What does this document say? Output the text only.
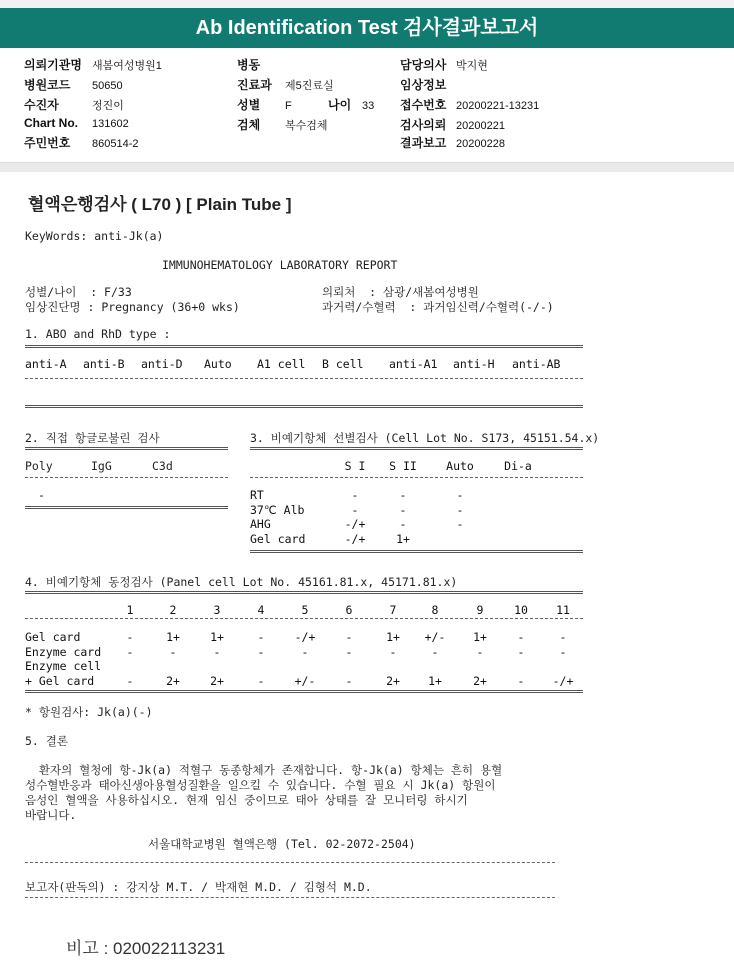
Ab Identification Test 검사결과보고서
의뢰기관명 새봄여성병원1
병원코드 50650
수진자	정진이
Chart No. 131602
주민번호 860514-2
병동
진료과 제5진료실
성별 F	나이 33
검체 복수검체
담당의사 박지현
임상정보
접수번호 20200221-13231
검사의뢰 20200221
결과보고 20200228
혈액은행검사 ( L70 ) [ Plain Tube ]
KeyWords: anti-Jk(a)
IMMUNOHEMATOLOGY LABORATORY REPORT
성별/나이  : F/33
임상진단명 : Pregnancy (36+0 wks)
의뢰처  : 삼광/새봄여성병원
과거력/수혈력  : 과거임신력/수혈력(-/-)
1. ABO and RhD type :
anti-A	anti-B	anti-D	Auto	A1 cell	B cell	anti-A1	anti-H	anti-AB
2. 직접 항글로불린 검사
Poly	IgG	C3d
-
3. 비예기항체 선별검사 (Cell Lot No. S173, 45151.54.x)
S I	S II	Auto	Di-a
RT	-	-	-
37℃ Alb	-	-	-
AHG	-/+	-	-
Gel card	-/+	1+
4. 비예기항체 동정검사 (Panel cell Lot No. 45161.81.x, 45171.81.x)
1	2	3	4	5	6	7	8	9	10	11
Gel card	-	1+	1+	-	-/+	-	1+	+/-	1+	-	-
Enzyme card	-	-	-	-	-	-	-	-	-	-	-
Enzyme cell
+ Gel card	-	2+	2+	-	+/-	-	2+	1+	2+	-	-/+
* 항원검사: Jk(a)(-)
5. 결론
환자의 혈청에 항-Jk(a) 적혈구 동종항체가 존재합니다. 항-Jk(a) 항체는 흔히 용혈
성수혈반응과 태아신생아용혈성질환을 일으킬 수 있습니다. 수혈 필요 시 Jk(a) 항원이
음성인 혈액을 사용하십시오. 현재 임신 중이므로 태아 상태를 잘 모니터링 하시기
바랍니다.
서울대학교병원 혈액은행 (Tel. 02-2072-2504)
보고자(판독의) : 강지상 M.T. / 박재현 M.D. / 김형석 M.D.
비고 : 020022113231
